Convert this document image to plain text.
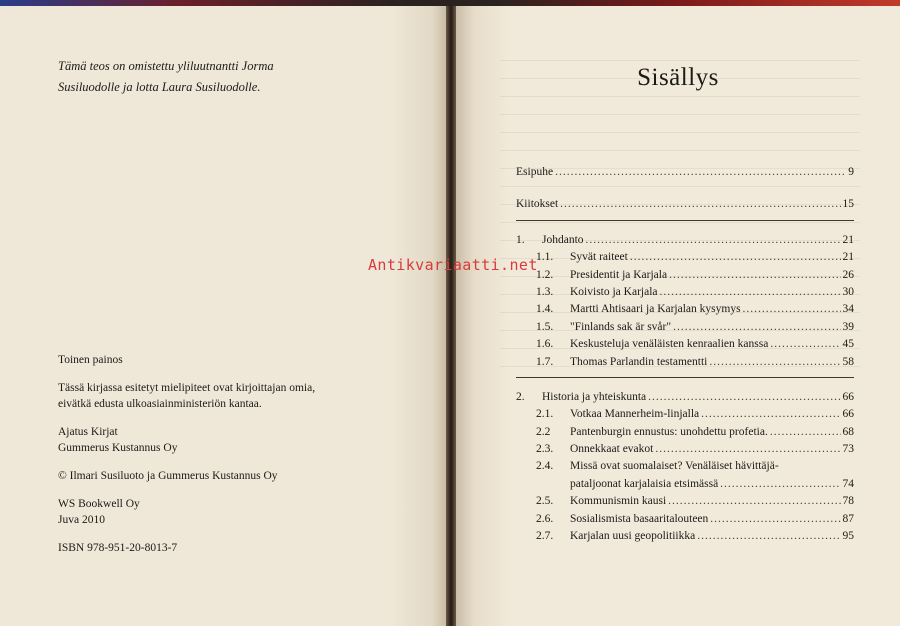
Tämä teos on omistettu yliluutnantti Jorma
Susiluodolle ja lotta Laura Susiluodolle.

Toinen painos

Tässä kirjassa esitetyt mielipiteet ovat kirjoittajan omia,
eivätkä edusta ulkoasiainministeriön kantaa.

Ajatus Kirjat
Gummerus Kustannus Oy

© Ilmari Susiluoto ja Gummerus Kustannus Oy

WS Bookwell Oy
Juva 2010

ISBN 978-951-20-8013-7

Sisällys
Esipuhe .....	9
Kiitokset .....	15
1.	Johdanto .....	21
1.1.	Syvät raiteet .....	21
1.2.	Presidentit ja Karjala .....	26
1.3.	Koivisto ja Karjala .....	30
1.4.	Martti Ahtisaari ja Karjalan kysymys .....	34
1.5.	"Finlands sak är svår" .....	39
1.6.	Keskusteluja venäläisten kenraalien kanssa .....	45
1.7.	Thomas Parlandin testamentti .....	58
2.	Historia ja yhteiskunta .....	66
2.1.	Votkaa Mannerheim-linjalla .....	66
2.2	Pantenburgin ennustus: unohdettu profetia. .....	68
2.3.	Onnekkaat evakot .....	73
2.4.	Missä ovat suomalaiset? Venäläiset hävittäjä-
pataljoonat karjalaisia etsimässä .....	74
2.5.	Kommunismin kausi .....	78
2.6.	Sosialismista basaaritalouteen .....	87
2.7.	Karjalan uusi geopolitiikka .....	95
Antikvariaatti.net
